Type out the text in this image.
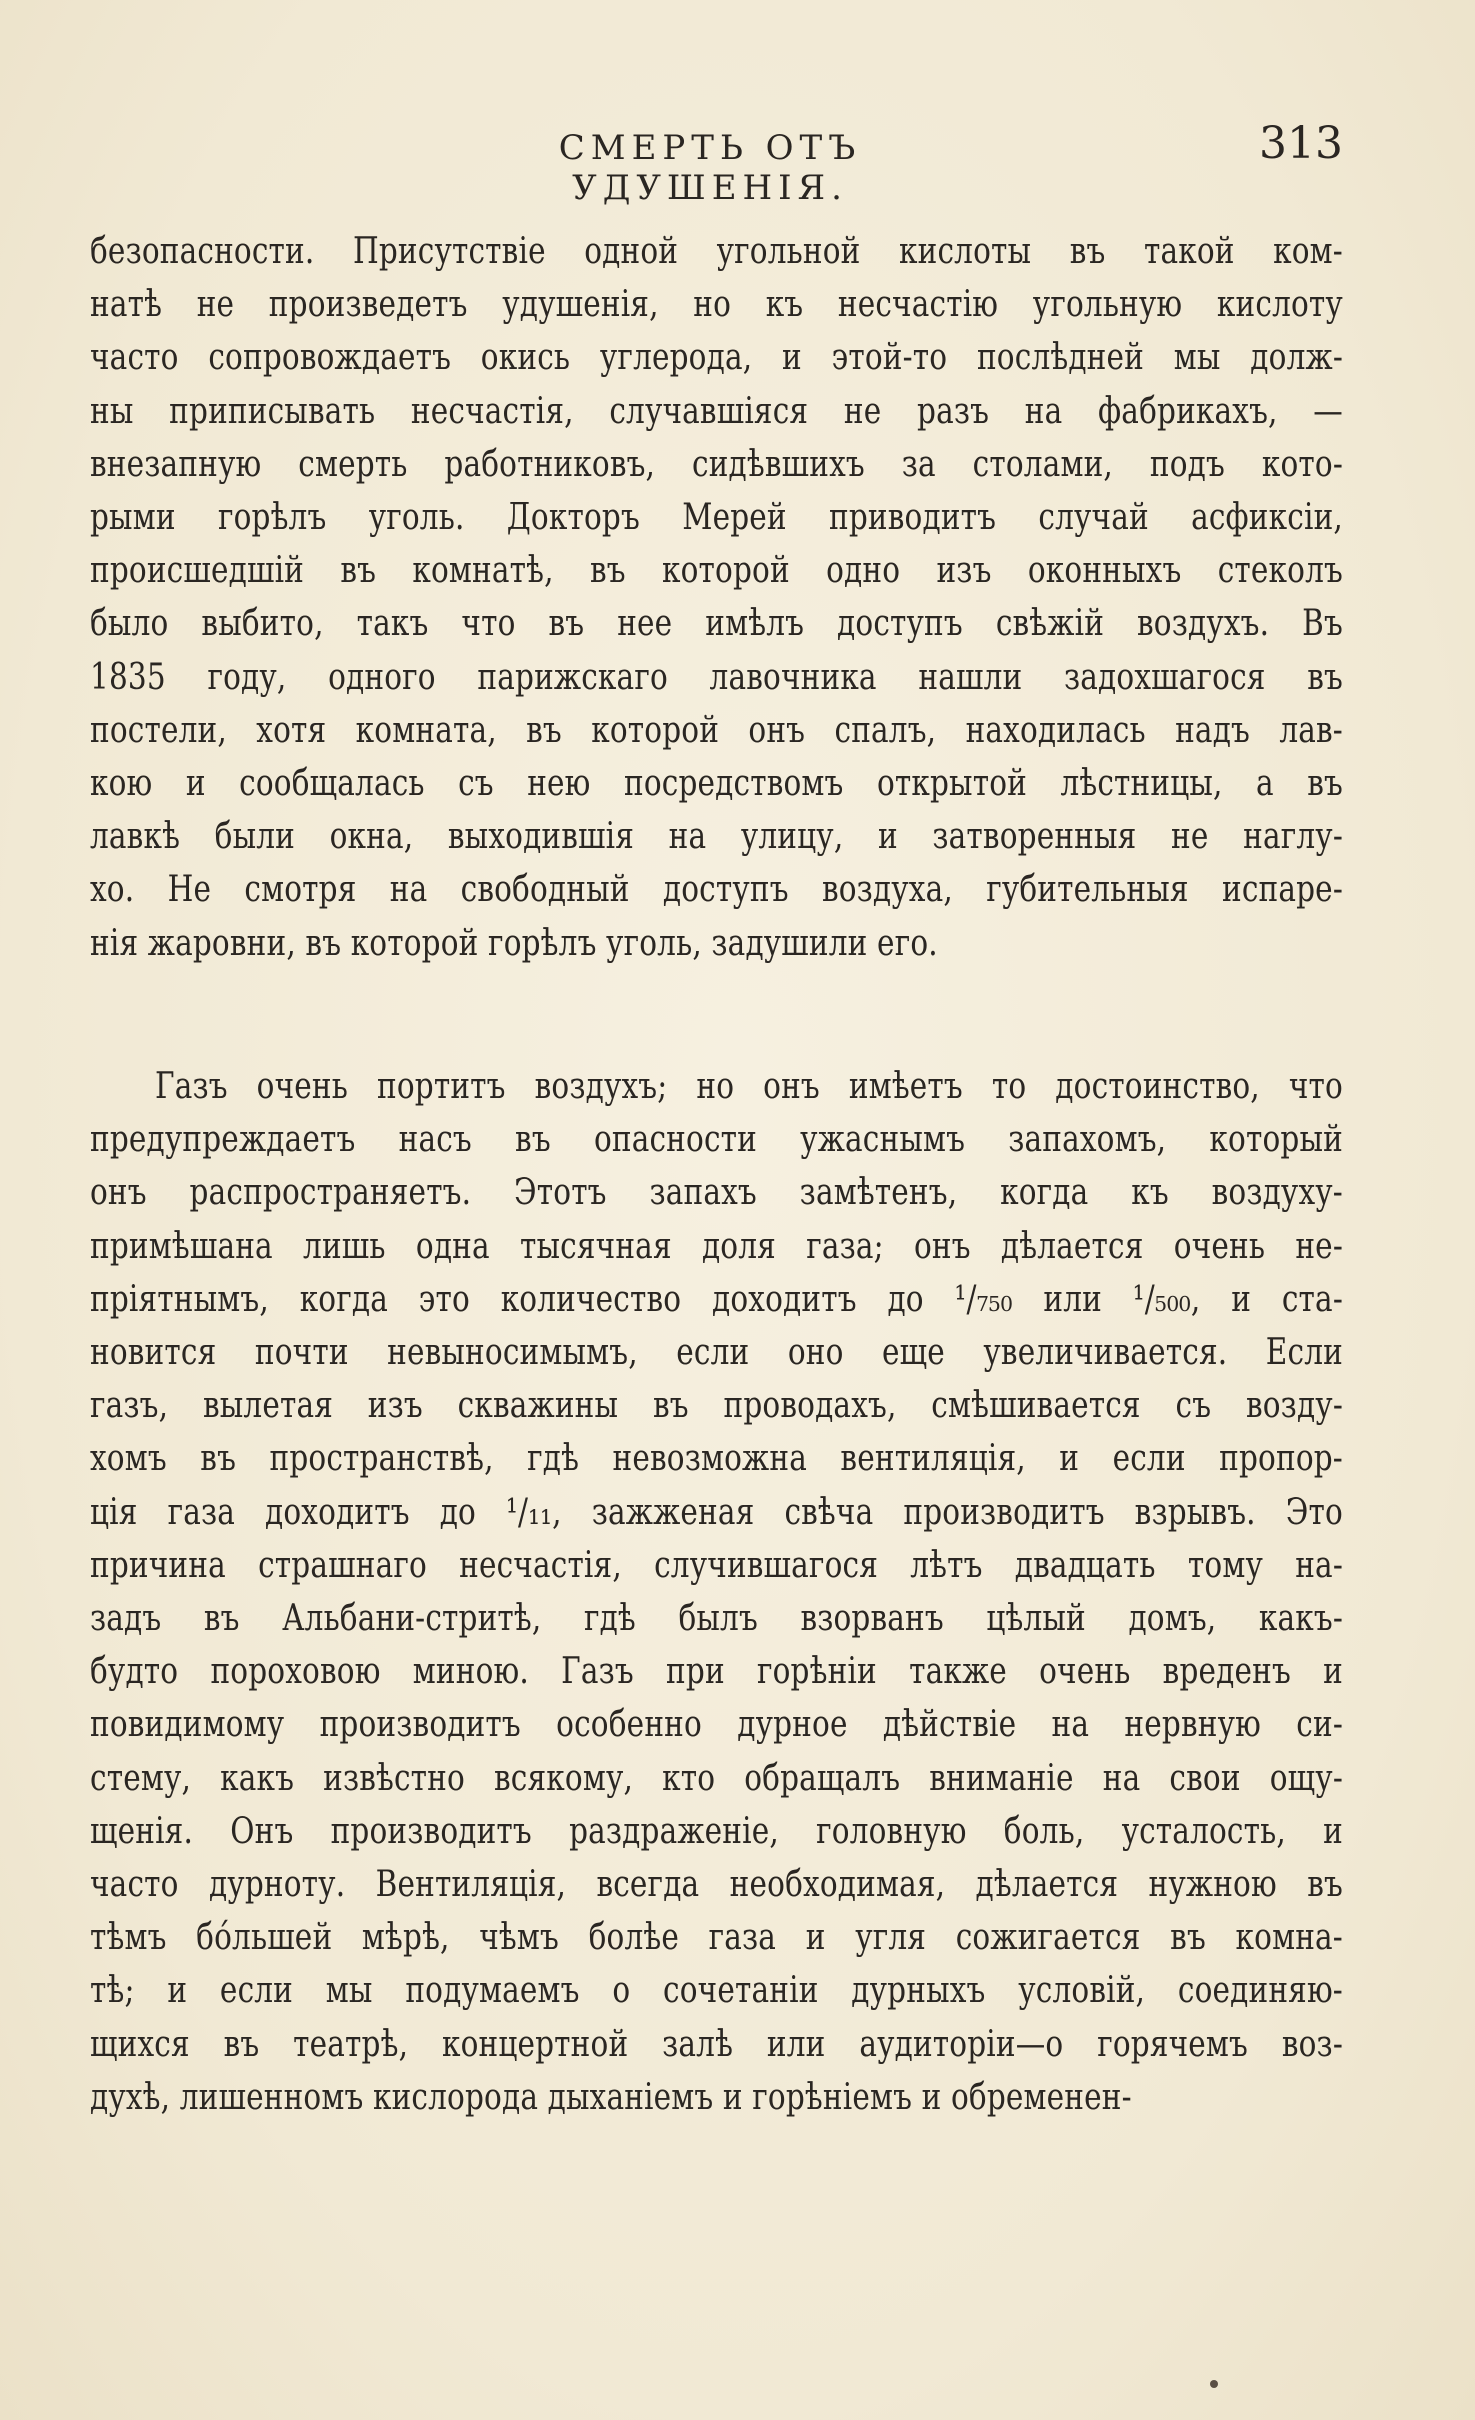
СМЕРТЬ ОТЪ УДУШЕНІЯ.
313
безопасности. Присутствіе одной угольной кислоты въ такой ком-
натѣ не произведетъ удушенія, но къ несчастію угольную кислоту
часто сопровождаетъ окись углерода, и этой-то послѣдней мы долж-
ны приписывать несчастія, случавшіяся не разъ на фабрикахъ, —
внезапную смерть работниковъ, сидѣвшихъ за столами, подъ кото-
рыми горѣлъ уголь. Докторъ Мерей приводитъ случай асфиксіи,
происшедшій въ комнатѣ, въ которой одно изъ оконныхъ стеколъ
было выбито, такъ что въ нее имѣлъ доступъ свѣжій воздухъ. Въ
1835 году, одного парижскаго лавочника нашли задохшагося въ
постели, хотя комната, въ которой онъ спалъ, находилась надъ лав-
кою и сообщалась съ нею посредствомъ открытой лѣстницы, а въ
лавкѣ были окна, выходившія на улицу, и затворенныя не наглу-
хо. Не смотря на свободный доступъ воздуха, губительныя испаре-
нія жаровни, въ которой горѣлъ уголь, задушили его.
Газъ очень портитъ воздухъ; но онъ имѣетъ то достоинство, что
предупреждаетъ насъ въ опасности ужаснымъ запахомъ, который
онъ распространяетъ. Этотъ запахъ замѣтенъ, когда къ воздуху-
примѣшана лишь одна тысячная доля газа; онъ дѣлается очень не-
пріятнымъ, когда это количество доходитъ до ¹/₇₅₀ или ¹/₅₀₀, и ста-
новится почти невыносимымъ, если оно еще увеличивается. Если
газъ, вылетая изъ скважины въ проводахъ, смѣшивается съ возду-
хомъ въ пространствѣ, гдѣ невозможна вентиляція, и если пропор-
ція газа доходитъ до ¹/₁₁, зажженая свѣча производитъ взрывъ. Это
причина страшнаго несчастія, случившагося лѣтъ двадцать тому на-
задъ въ Альбани-стритѣ, гдѣ былъ взорванъ цѣлый домъ, какъ-
будто пороховою миною. Газъ при горѣніи также очень вреденъ и
повидимому производитъ особенно дурное дѣйствіе на нервную си-
стему, какъ извѣстно всякому, кто обращалъ вниманіе на свои ощу-
щенія. Онъ производитъ раздраженіе, головную боль, усталость, и
часто дурноту. Вентиляція, всегда необходимая, дѣлается нужною въ
тѣмъ бо́льшей мѣрѣ, чѣмъ болѣе газа и угля сожигается въ комна-
тѣ; и если мы подумаемъ о сочетаніи дурныхъ условій, соединяю-
щихся въ театрѣ, концертной залѣ или аудиторіи—о горячемъ воз-
духѣ, лишенномъ кислорода дыханіемъ и горѣніемъ и обременен-
